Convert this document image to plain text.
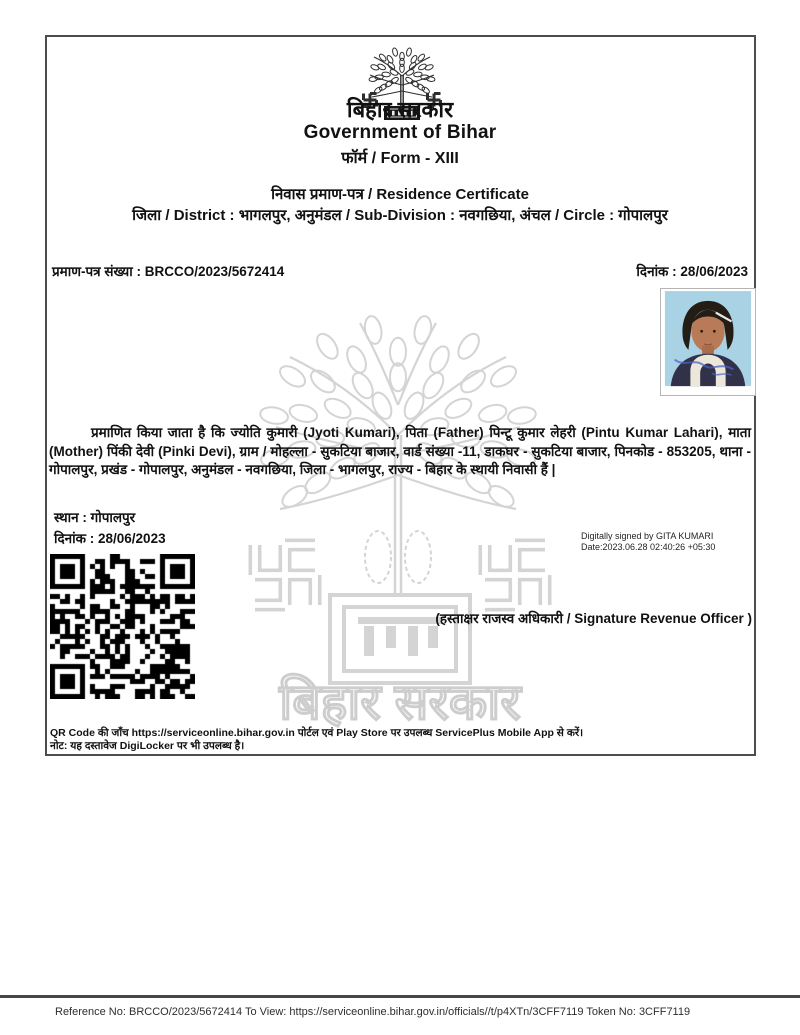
बिहार सरकार
बिहार सरकार
Government of Bihar
फॉर्म / Form - XIII
निवास प्रमाण-पत्र / Residence Certificate
जिला / District : भागलपुर, अनुमंडल / Sub-Division : नवगछिया, अंचल / Circle : गोपालपुर
प्रमाण-पत्र संख्या : BRCCO/2023/5672414	दिनांक : 28/06/2023
प्रमाणित किया जाता है कि ज्योति कुमारी (Jyoti Kumari), पिता (Father) पिन्टू कुमार लेहरी (Pintu Kumar Lahari), माता (Mother) पिंकी देवी (Pinki Devi), ग्राम / मोहल्ला - सुकटिया बाजार, वार्ड संख्या -11, डाकघर - सुकटिया बाजार, पिनकोड - 853205, थाना - गोपालपुर, प्रखंड - गोपालपुर, अनुमंडल - नवगछिया, जिला - भागलपुर, राज्य - बिहार के स्थायी निवासी हैं |
स्थान : गोपालपुर
दिनांक : 28/06/2023	Digitally signed by GITA KUMARI
Date:2023.06.28 02:40:26 +05:30
(हस्ताक्षर राजस्व अधिकारी / Signature Revenue Officer )
QR Code की जाँच https://serviceonline.bihar.gov.in पोर्टल एवं Play Store पर उपलब्ध ServicePlus Mobile App से करें।
नोट: यह दस्तावेज DigiLocker पर भी उपलब्ध है।
Reference No: BRCCO/2023/5672414 To View: https://serviceonline.bihar.gov.in/officials//t/p4XTn/3CFF7119 Token No: 3CFF7119
